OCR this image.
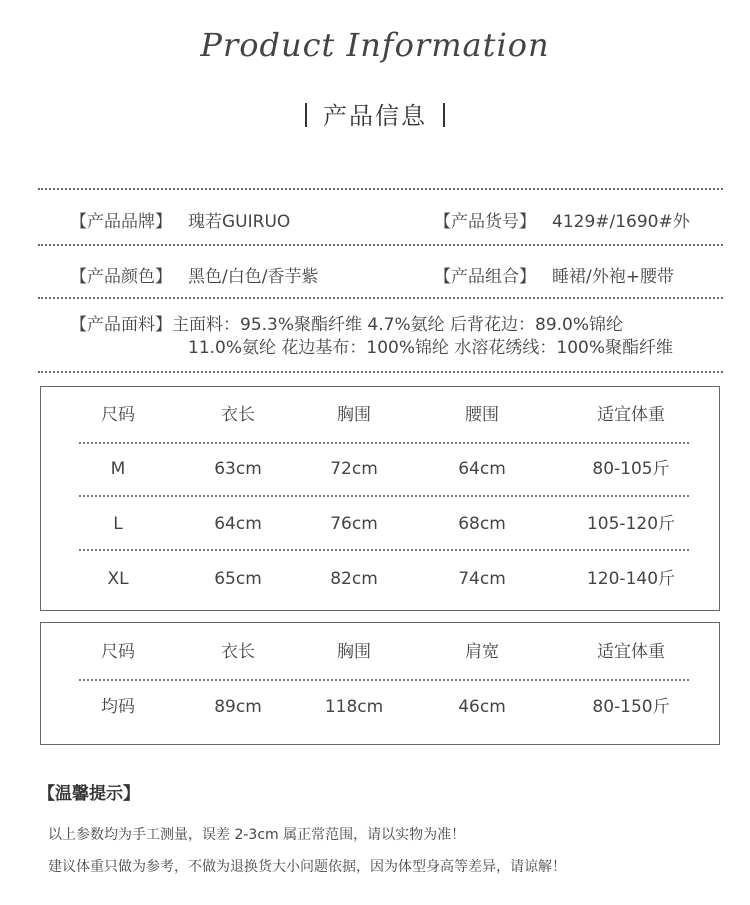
Product Information
产品信息
【产品品牌】 瑰若GUIRUO	【产品货号】 4129#/1690#外
【产品颜色】 黑色/白色/香芋紫	【产品组合】 睡裙/外袍+腰带
【产品面料】主面料：95.3%聚酯纤维 4.7%氨纶 后背花边：89.0%锦纶
11.0%氨纶 花边基布：100%锦纶 水溶花绣线：100%聚酯纤维
尺码	衣长	胸围	腰围	适宜体重
M	63cm	72cm	64cm	80-105斤
L	64cm	76cm	68cm	105-120斤
XL	65cm	82cm	74cm	120-140斤
尺码	衣长	胸围	肩宽	适宜体重
均码	89cm	118cm	46cm	80-150斤
【温馨提示】
以上参数均为手工测量，误差 2-3cm 属正常范围，请以实物为准！
建议体重只做为参考，不做为退换货大小问题依据，因为体型身高等差异，请谅解！
